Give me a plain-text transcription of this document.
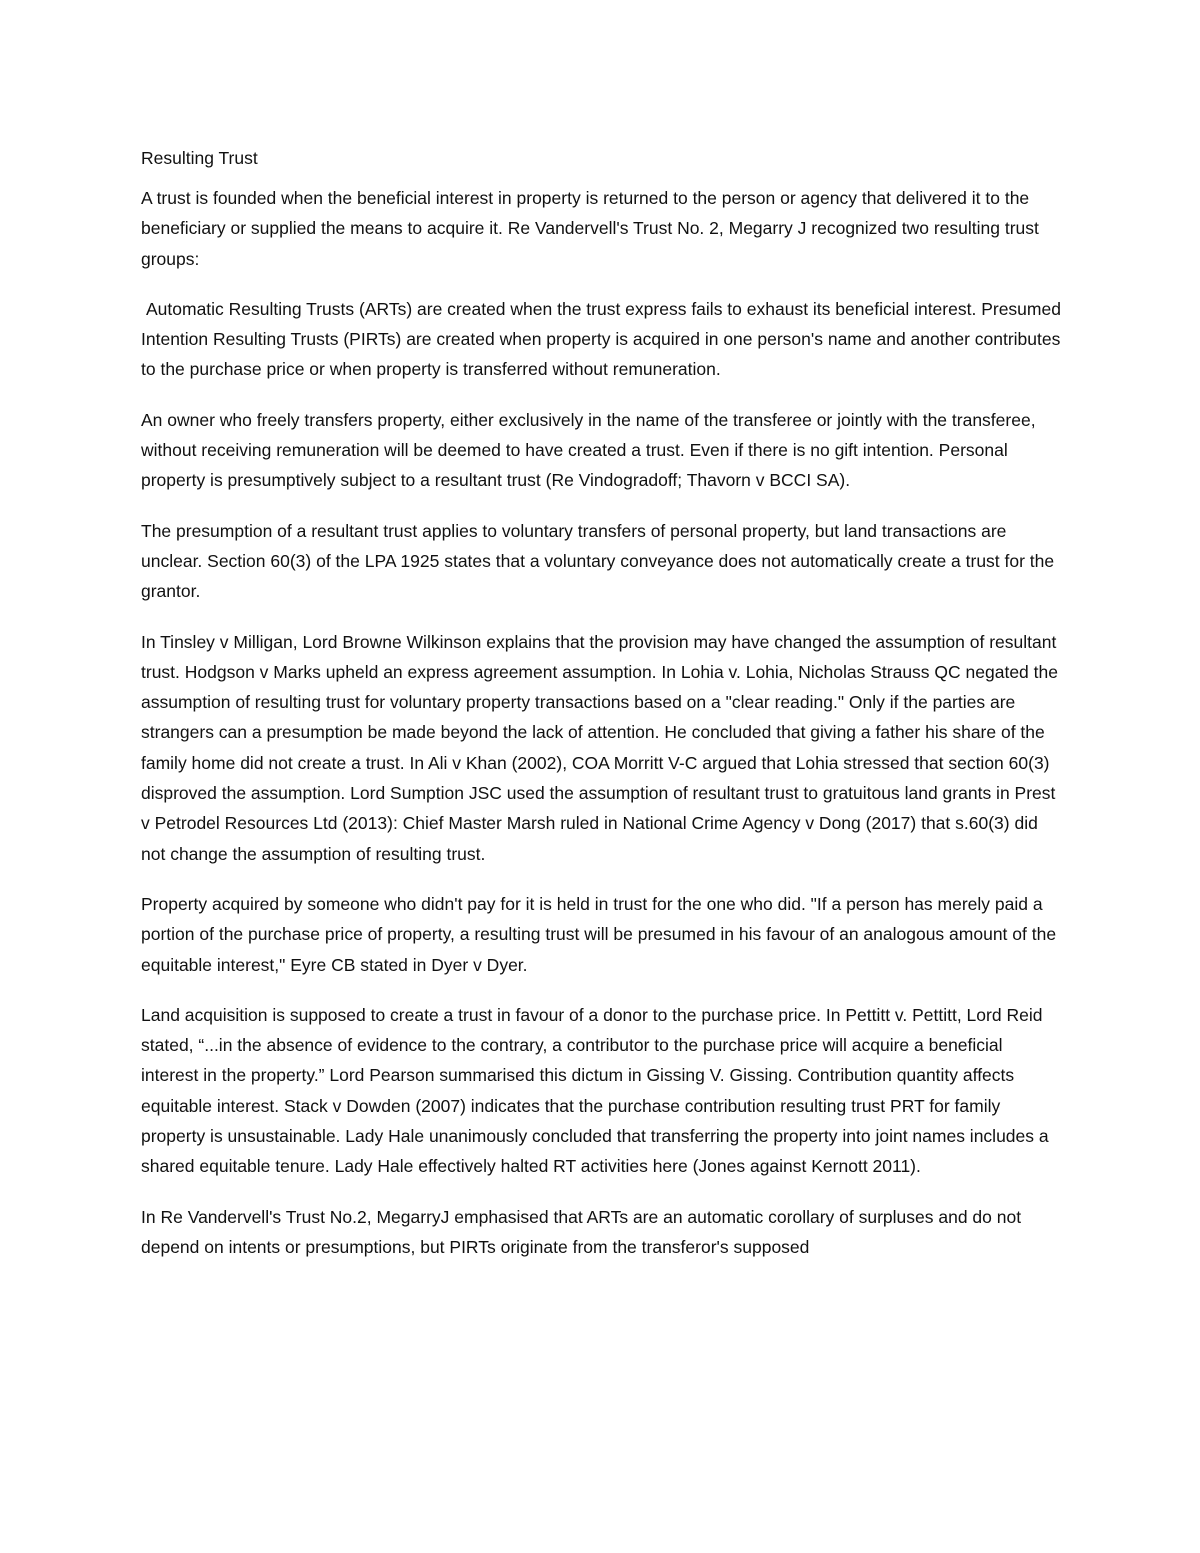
Resulting Trust

A trust is founded when the beneficial interest in property is returned to the person or agency that delivered it to the beneficiary or supplied the means to acquire it. Re Vandervell's Trust No. 2, Megarry J recognized two resulting trust groups:

Automatic Resulting Trusts (ARTs) are created when the trust express fails to exhaust its beneficial interest. Presumed Intention Resulting Trusts (PIRTs) are created when property is acquired in one person's name and another contributes to the purchase price or when property is transferred without remuneration.

An owner who freely transfers property, either exclusively in the name of the transferee or jointly with the transferee, without receiving remuneration will be deemed to have created a trust. Even if there is no gift intention. Personal property is presumptively subject to a resultant trust (Re Vindogradoff; Thavorn v BCCI SA).

The presumption of a resultant trust applies to voluntary transfers of personal property, but land transactions are unclear. Section 60(3) of the LPA 1925 states that a voluntary conveyance does not automatically create a trust for the grantor.

In Tinsley v Milligan, Lord Browne Wilkinson explains that the provision may have changed the assumption of resultant trust. Hodgson v Marks upheld an express agreement assumption. In Lohia v. Lohia, Nicholas Strauss QC negated the assumption of resulting trust for voluntary property transactions based on a "clear reading." Only if the parties are strangers can a presumption be made beyond the lack of attention. He concluded that giving a father his share of the family home did not create a trust. In Ali v Khan (2002), COA Morritt V-C argued that Lohia stressed that section 60(3) disproved the assumption. Lord Sumption JSC used the assumption of resultant trust to gratuitous land grants in Prest v Petrodel Resources Ltd (2013): Chief Master Marsh ruled in National Crime Agency v Dong (2017) that s.60(3) did not change the assumption of resulting trust.

Property acquired by someone who didn't pay for it is held in trust for the one who did. "If a person has merely paid a portion of the purchase price of property, a resulting trust will be presumed in his favour of an analogous amount of the equitable interest," Eyre CB stated in Dyer v Dyer.

Land acquisition is supposed to create a trust in favour of a donor to the purchase price. In Pettitt v. Pettitt, Lord Reid stated, “...in the absence of evidence to the contrary, a contributor to the purchase price will acquire a beneficial interest in the property.” Lord Pearson summarised this dictum in Gissing V. Gissing. Contribution quantity affects equitable interest. Stack v Dowden (2007) indicates that the purchase contribution resulting trust PRT for family property is unsustainable. Lady Hale unanimously concluded that transferring the property into joint names includes a shared equitable tenure. Lady Hale effectively halted RT activities here (Jones against Kernott 2011).

In Re Vandervell's Trust No.2, MegarryJ emphasised that ARTs are an automatic corollary of surpluses and do not depend on intents or presumptions, but PIRTs originate from the transferor's supposed
